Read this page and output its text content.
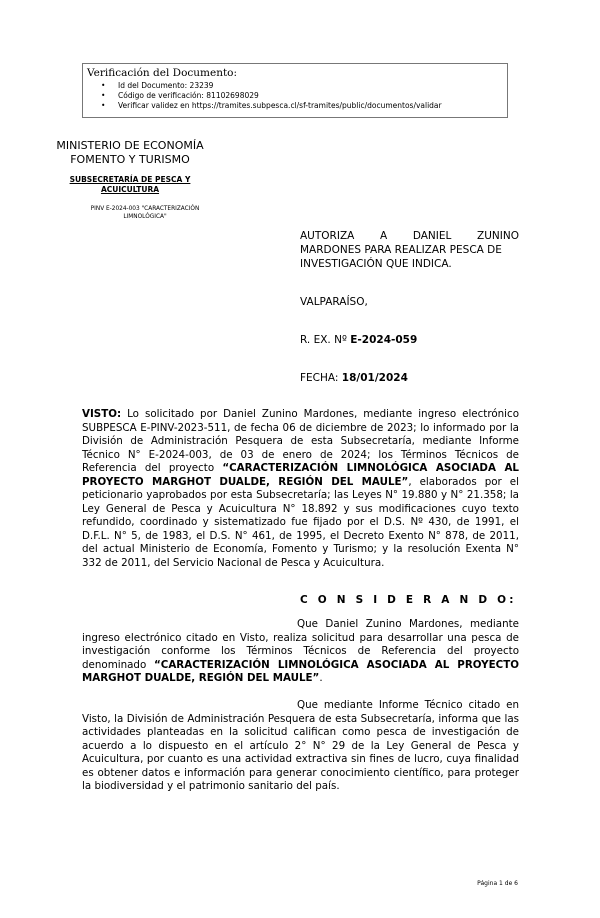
Verificación del Documento:
• Id del Documento: 23239
• Código de verificación: 81102698029
• Verificar validez en https://tramites.subpesca.cl/sf-tramites/public/documentos/validar
MINISTERIO DE ECONOMÍA
FOMENTO Y TURISMO
SUBSECRETARÍA DE PESCA Y
ACUICULTURA
PINV E-2024-003 "CARACTERIZACIÓN
LIMNOLÓGICA"
AUTORIZA A DANIEL ZUNINO
MARDONES PARA REALIZAR PESCA DE
INVESTIGACIÓN QUE INDICA.
VALPARAÍSO,
R. EX. Nº E-2024-059
FECHA: 18/01/2024
VISTO: Lo solicitado por Daniel Zunino Mardones, mediante ingreso electrónico SUBPESCA E-PINV-2023-511, de fecha 06 de diciembre de 2023; lo informado por la División de Administración Pesquera de esta Subsecretaría, mediante Informe Técnico N° E-2024-003, de 03 de enero de 2024; los Términos Técnicos de Referencia del proyecto “CARACTERIZACIÓN LIMNOLÓGICA ASOCIADA AL PROYECTO MARGHOT DUALDE, REGIÓN DEL MAULE”, elaborados por el peticionario yaprobados por esta Subsecretaría; las Leyes N° 19.880 y N° 21.358; la Ley General de Pesca y Acuicultura N° 18.892 y sus modificaciones cuyo texto refundido, coordinado y sistematizado fue fijado por el D.S. Nº 430, de 1991, el D.F.L. N° 5, de 1983, el D.S. N° 461, de 1995, el Decreto Exento N° 878, de 2011, del actual Ministerio de Economía, Fomento y Turismo; y la resolución Exenta N° 332 de 2011, del Servicio Nacional de Pesca y Acuicultura.
C O N S I D E R A N D O:
Que Daniel Zunino Mardones, mediante ingreso electrónico citado en Visto, realiza solicitud para desarrollar una pesca de investigación conforme los Términos Técnicos de Referencia del proyecto denominado “CARACTERIZACIÓN LIMNOLÓGICA ASOCIADA AL PROYECTO MARGHOT DUALDE, REGIÓN DEL MAULE”.
Que mediante Informe Técnico citado en Visto, la División de Administración Pesquera de esta Subsecretaría, informa que las actividades planteadas en la solicitud califican como pesca de investigación de acuerdo a lo dispuesto en el artículo 2° N° 29 de la Ley General de Pesca y Acuicultura, por cuanto es una actividad extractiva sin fines de lucro, cuya finalidad es obtener datos e información para generar conocimiento científico, para proteger la biodiversidad y el patrimonio sanitario del país.
Página 1 de 6
